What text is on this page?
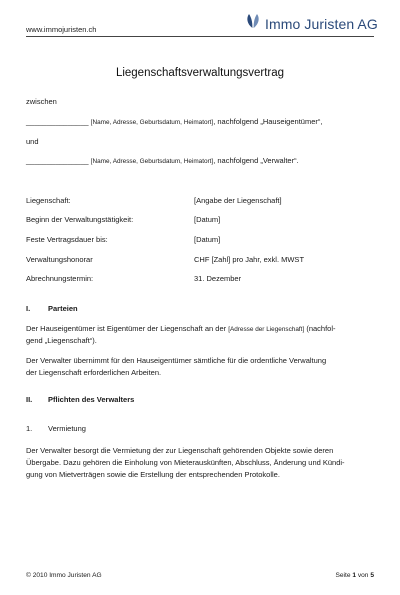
www.immojuristen.ch	Immo Juristen AG
Liegenschaftsverwaltungsvertrag
zwischen
_______________ [Name, Adresse, Geburtsdatum, Heimatort], nachfolgend „Hauseigentümer“,
und
_______________ [Name, Adresse, Geburtsdatum, Heimatort], nachfolgend „Verwalter“.
Liegenschaft:	[Angabe der Liegenschaft]
Beginn der Verwaltungstätigkeit:	[Datum]
Feste Vertragsdauer bis:	[Datum]
Verwaltungshonorar	CHF [Zahl] pro Jahr, exkl. MWST
Abrechnungstermin:	31. Dezember
I. Parteien
Der Hauseigentümer ist Eigentümer der Liegenschaft an der [Adresse der Liegenschaft] (nachfol-
gend „Liegenschaft“).
Der Verwalter übernimmt für den Hauseigentümer sämtliche für die ordentliche Verwaltung
der Liegenschaft erforderlichen Arbeiten.
II. Pflichten des Verwalters
1. Vermietung
Der Verwalter besorgt die Vermietung der zur Liegenschaft gehörenden Objekte sowie deren
Übergabe. Dazu gehören die Einholung von Mieterauskünften, Abschluss, Änderung und Kündi-
gung von Mietverträgen sowie die Erstellung der entsprechenden Protokolle.
© 2010 Immo Juristen AG	Seite 1 von 5
